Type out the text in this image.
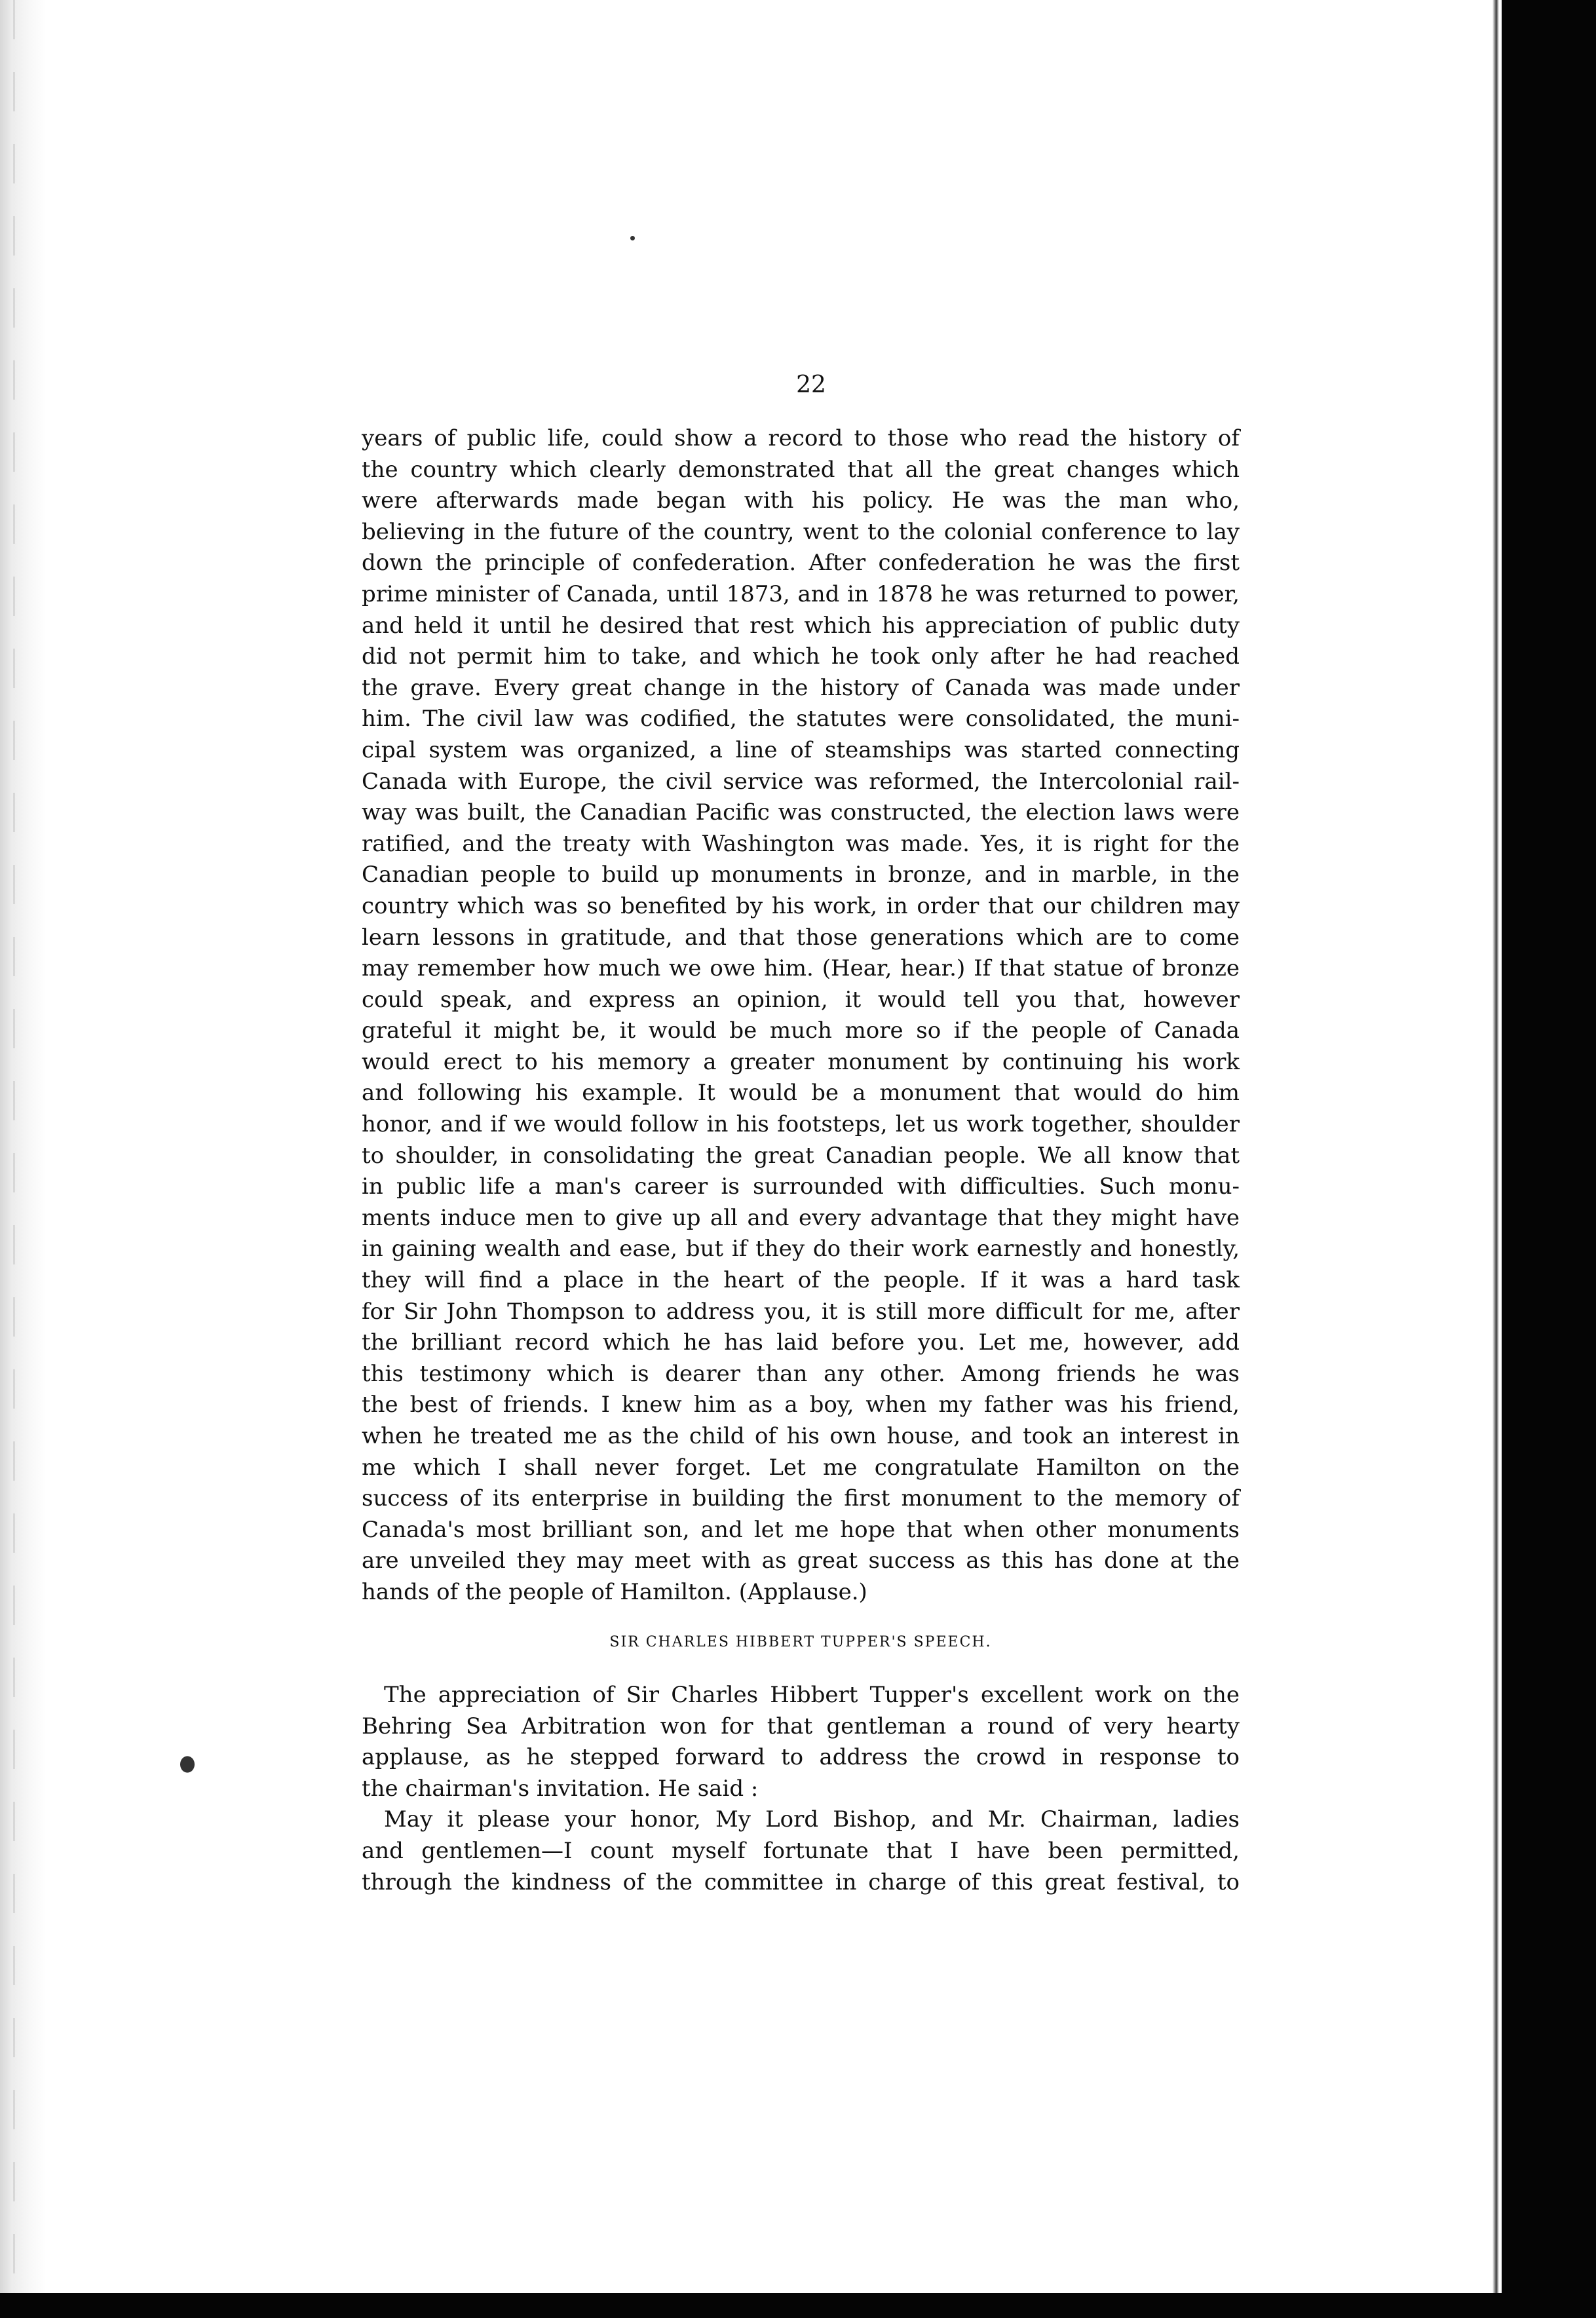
22
years of public life, could show a record to those who read the history of
the country which clearly demonstrated that all the great changes which
were afterwards made began with his policy. He was the man who,
believing in the future of the country, went to the colonial conference to lay
down the principle of confederation. After confederation he was the first
prime minister of Canada, until 1873, and in 1878 he was returned to power,
and held it until he desired that rest which his appreciation of public duty
did not permit him to take, and which he took only after he had reached
the grave. Every great change in the history of Canada was made under
him. The civil law was codified, the statutes were consolidated, the muni-
cipal system was organized, a line of steamships was started connecting
Canada with Europe, the civil service was reformed, the Intercolonial rail-
way was built, the Canadian Pacific was constructed, the election laws were
ratified, and the treaty with Washington was made. Yes, it is right for the
Canadian people to build up monuments in bronze, and in marble, in the
country which was so benefited by his work, in order that our children may
learn lessons in gratitude, and that those generations which are to come
may remember how much we owe him. (Hear, hear.) If that statue of bronze
could speak, and express an opinion, it would tell you that, however
grateful it might be, it would be much more so if the people of Canada
would erect to his memory a greater monument by continuing his work
and following his example. It would be a monument that would do him
honor, and if we would follow in his footsteps, let us work together, shoulder
to shoulder, in consolidating the great Canadian people. We all know that
in public life a man's career is surrounded with difficulties. Such monu-
ments induce men to give up all and every advantage that they might have
in gaining wealth and ease, but if they do their work earnestly and honestly,
they will find a place in the heart of the people. If it was a hard task
for Sir John Thompson to address you, it is still more difficult for me, after
the brilliant record which he has laid before you. Let me, however, add
this testimony which is dearer than any other. Among friends he was
the best of friends. I knew him as a boy, when my father was his friend,
when he treated me as the child of his own house, and took an interest in
me which I shall never forget. Let me congratulate Hamilton on the
success of its enterprise in building the first monument to the memory of
Canada's most brilliant son, and let me hope that when other monuments
are unveiled they may meet with as great success as this has done at the
hands of the people of Hamilton. (Applause.)
SIR CHARLES HIBBERT TUPPER'S SPEECH.
The appreciation of Sir Charles Hibbert Tupper's excellent work on the
Behring Sea Arbitration won for that gentleman a round of very hearty
applause, as he stepped forward to address the crowd in response to
the chairman's invitation. He said :
May it please your honor, My Lord Bishop, and Mr. Chairman, ladies
and gentlemen—I count myself fortunate that I have been permitted,
through the kindness of the committee in charge of this great festival, to
